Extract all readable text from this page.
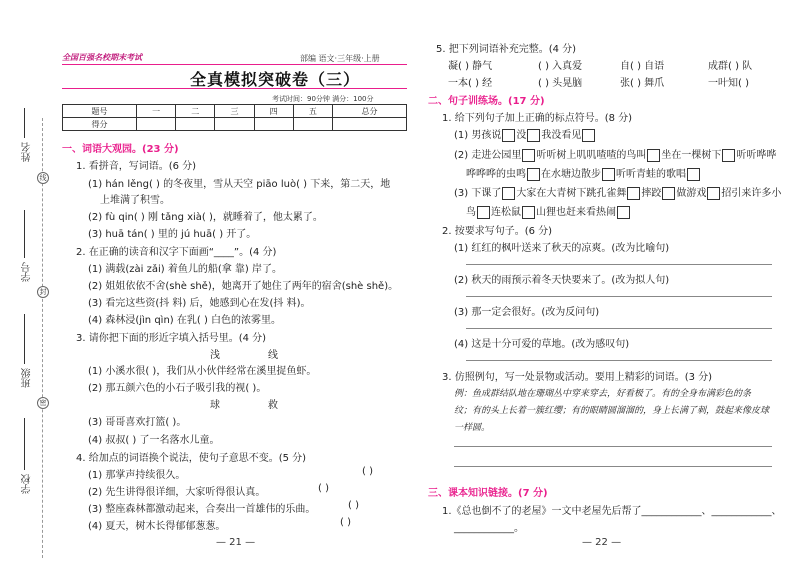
姓名
线
学号
封
班级
密
学校
全国百强名校期末考试	部编 语文·三年级·上册
全真模拟突破卷（三）
考试时间：90分钟 满分：100分
题号	一	二	三	四	五	总分
得分						
一、词语大观园。(23 分)
1. 看拼音，写词语。(6 分)
(1) hán lěng( ) 的冬夜里，雪从天空 piāo luò( ) 下来，第二天，地
上堆满了积雪。
(2) fù qin( ) 刚 tǎng xià( )，就睡着了，他太累了。
(3) huā tán( ) 里的 jú huā( ) 开了。
2. 在正确的读音和汉字下面画“____”。(4 分)
(1) 满载(zài zǎi) 着鱼儿的船(拿 靠) 岸了。
(2) 姐姐依依不舍(shè shě)，她离开了她住了两年的宿舍(shè shě)。
(3) 看完这些资(抖 料) 后，她感到心在发(抖 料)。
(4) 森林浸(jìn qìn) 在乳( ) 白色的浓雾里。
3. 请你把下面的形近字填入括号里。(4 分)
浅	线
(1) 小溪水很( )，我们从小伙伴经常在溪里捉鱼虾。
(2) 那五颜六色的小石子吸引我的视( )。
球	救
(3) 哥哥喜欢打篮( )。
(4) 叔叔( ) 了一名落水儿童。
4. 给加点的词语换个说法，使句子意思不变。(5 分)
(1) 那掌声持续很久。	( )
(2) 先生讲得很详细，大家听得很认真。	( )
(3) 整座森林都激动起来，合奏出一首雄伟的乐曲。	( )
(4) 夏天，树木长得郁郁葱葱。	( )
— 21 —
5. 把下列词语补充完整。(4 分)
凝( ) 静气	( ) 入真爱	自( ) 自语	成群( ) 队
一本( ) 经	( ) 头晃脑	张( ) 舞爪	一叶知( )
二、句子训练场。(17 分)
1. 给下列句子加上正确的标点符号。(8 分)
(1) 男孩说 没 我没看见
(2) 走进公园里 听听树上叽叽喳喳的鸟叫 坐在一棵树下 听听哗哗
哗哗哗的虫鸣 在水塘边散步 听听青蛙的歌唱
(3) 下课了 大家在大青树下跳孔雀舞 摔跤 做游戏 招引来许多小
鸟 连松鼠 山狸也赶来看热闹
2. 按要求写句子。(6 分)
(1) 红红的枫叶送来了秋天的凉爽。(改为比喻句)
(2) 秋天的雨预示着冬天快要来了。(改为拟人句)
(3) 那一定会很好。(改为反问句)
(4) 这是十分可爱的草地。(改为感叹句)
3. 仿照例句，写一处景物或活动。要用上精彩的词语。(3 分)
例：鱼成群结队地在珊瑚丛中穿来穿去，好看极了。有的全身布满彩色的条
纹；有的头上长着一簇红缨；有的眼睛圆溜溜的，身上长满了刺，鼓起来像皮球
一样圆。
三、课本知识链接。(7 分)
1.《总也倒不了的老屋》一文中老屋先后帮了____________、____________、
____________。
— 22 —
